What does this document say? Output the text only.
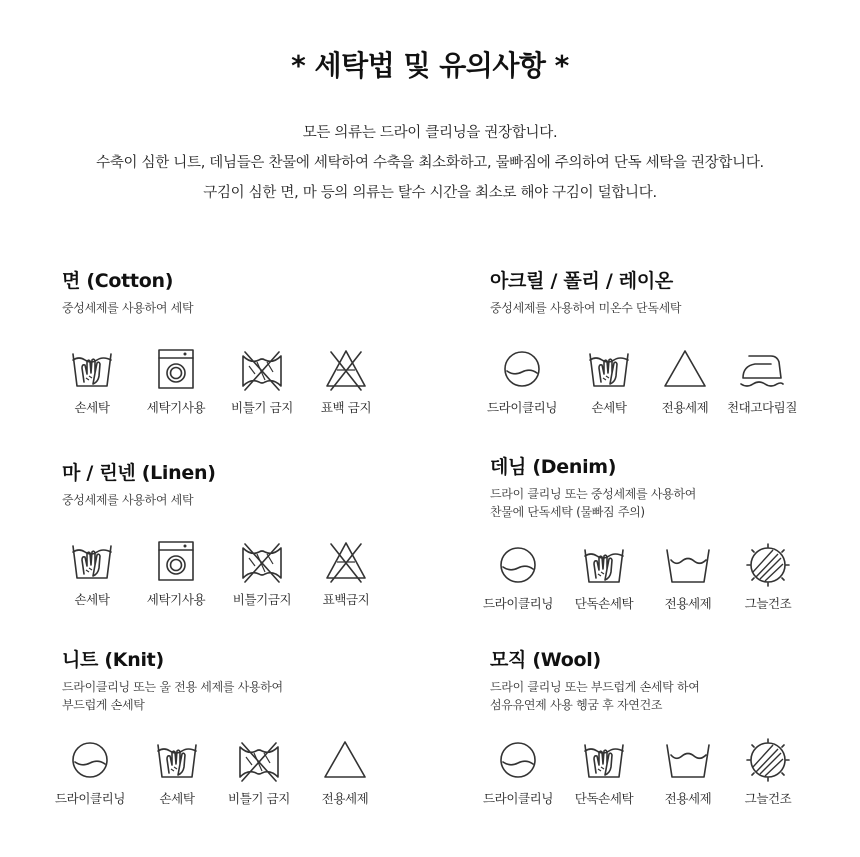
* 세탁법 및 유의사항 *
모든 의류는 드라이 클리닝을 권장합니다.
수축이 심한 니트, 데님들은 찬물에 세탁하여 수축을 최소화하고, 물빠짐에 주의하여 단독 세탁을 권장합니다.
구김이 심한 면, 마 등의 의류는 탈수 시간을 최소로 해야 구김이 덜합니다.
면 (Cotton)
중성세제를 사용하여 세탁
손세탁	세탁기사용	비틀기 금지	표백 금지
아크릴 / 폴리 / 레이온
중성세제를 사용하여 미온수 단독세탁
드라이클리닝	손세탁	전용세제	천대고다림질
마 / 린넨 (Linen)
중성세제를 사용하여 세탁
손세탁	세탁기사용	비틀기금지	표백금지
데님 (Denim)
드라이 클리닝 또는 중성세제를 사용하여
찬물에 단독세탁 (물빠짐 주의)
드라이클리닝	단독손세탁	전용세제	그늘건조
니트 (Knit)
드라이클리닝 또는 울 전용 세제를 사용하여
부드럽게 손세탁
드라이클리닝	손세탁	비틀기 금지	전용세제
모직 (Wool)
드라이 클리닝 또는 부드럽게 손세탁 하여
섬유유연제 사용 헹굼 후 자연건조
드라이클리닝	단독손세탁	전용세제	그늘건조
